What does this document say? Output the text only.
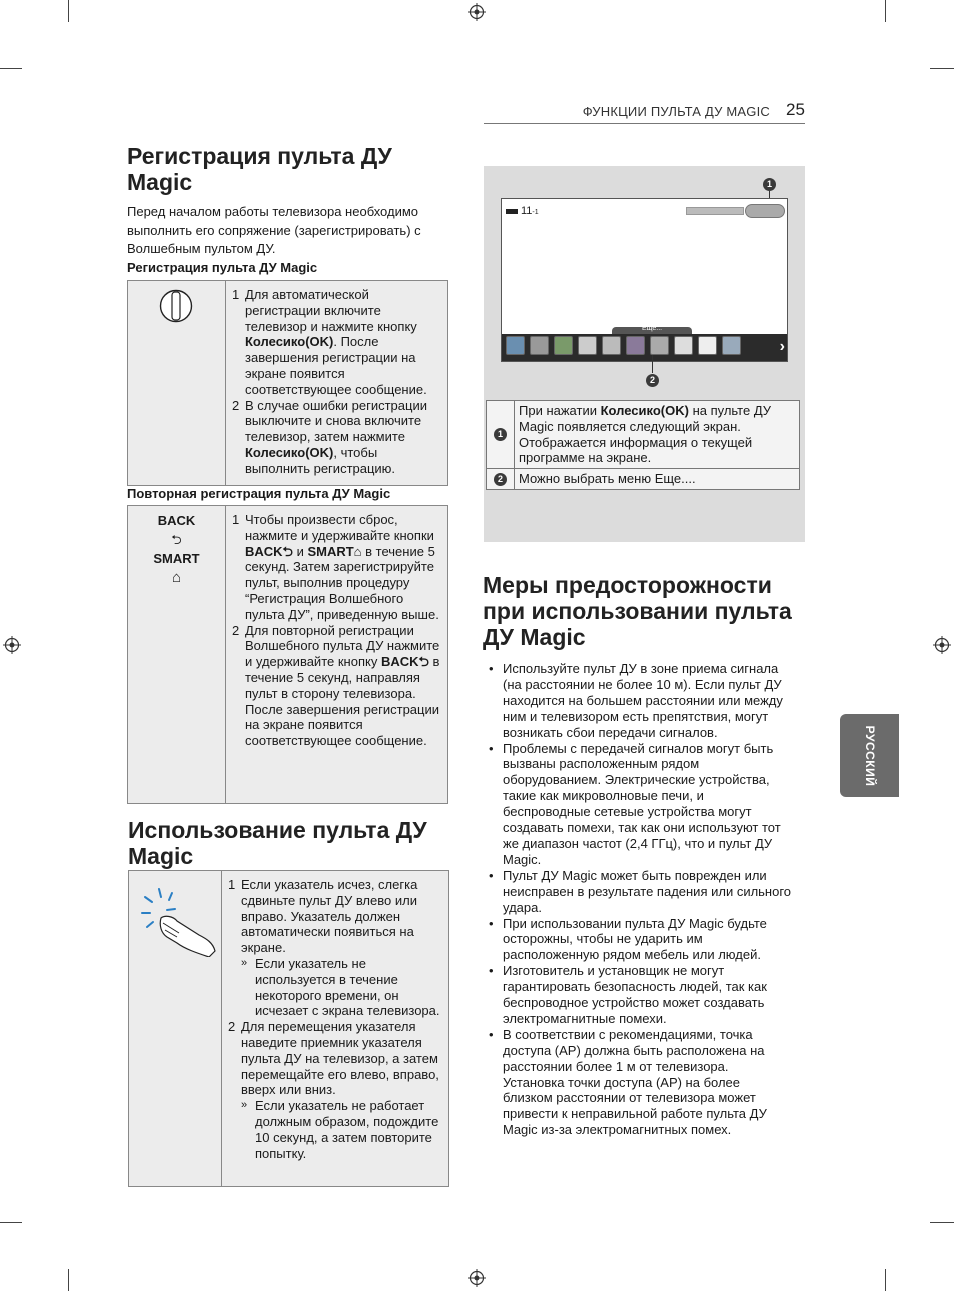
ФУНКЦИИ ПУЛЬТА ДУ MAGIC 25
РУССКИЙ
Регистрация пульта ДУ Magic
Перед началом работы телевизора необходимо выполнить его сопряжение (зарегистрировать) с Волшебным пультом ДУ.
Регистрация пульта ДУ Magic
1 Для автоматической регистрации включите телевизор и нажмите кнопку Колесико(OK). После завершения регистрации на экране появится соответствующее сообщение.
2 В случае ошибки регистрации выключите и снова включите телевизор, затем нажмите Колесико(OK), чтобы выполнить регистрацию.
Повторная регистрация пульта ДУ Magic
BACK
⮌
SMART
⌂
1 Чтобы произвести сброс, нажмите и удерживайте кнопки BACK⮌ и SMART⌂ в течение 5 секунд. Затем зарегистрируйте пульт, выполнив процедуру “Регистрация Волшебного пульта ДУ”, приведенную выше.
2 Для повторной регистрации Волшебного пульта ДУ нажмите и удерживайте кнопку BACK⮌ в течение 5 секунд, направляя пульт в сторону телевизора. После завершения регистрации на экране появится соответствующее сообщение.
Использование пульта ДУ Magic
1 Если указатель исчез, слегка сдвиньте пульт ДУ влево или вправо. Указатель должен автоматически появиться на экране.
» Если указатель не используется в течение некоторого времени, он исчезает с экрана телевизора.
2 Для перемещения указателя наведите приемник указателя пульта ДУ на телевизор, а затем перемещайте его влево, вправо, вверх или вниз.
» Если указатель не работает должным образом, подождите 10 секунд, а затем повторите попытку.
1
11-1
Еще...
›
2
1
При нажатии Колесико(OK) на пульте ДУ Magic появляется следующий экран. Отображается информация о текущей программе на экране.
2	Можно выбрать меню Еще....
Меры предосторожности при использовании пульта ДУ Magic
• Используйте пульт ДУ в зоне приема сигнала (на расстоянии не более 10 м). Если пульт ДУ находится на большем расстоянии или между ним и телевизором есть препятствия, могут возникать сбои передачи сигналов.
• Проблемы с передачей сигналов могут быть вызваны расположенным рядом оборудованием. Электрические устройства, такие как микроволновые печи, и беспроводные сетевые устройства могут создавать помехи, так как они используют тот же диапазон частот (2,4 ГГц), что и пульт ДУ Magic.
• Пульт ДУ Magic может быть поврежден или неисправен в результате падения или сильного удара.
• При использовании пульта ДУ Magic будьте осторожны, чтобы не ударить им расположенную рядом мебель или людей.
• Изготовитель и установщик не могут гарантировать безопасность людей, так как беспроводное устройство может создавать электромагнитные помехи.
• В соответствии с рекомендациями, точка доступа (AP) должна быть расположена на расстоянии более 1 м от телевизора. Установка точки доступа (AP) на более близком расстоянии от телевизора может привести к неправильной работе пульта ДУ Magic из-за электромагнитных помех.
